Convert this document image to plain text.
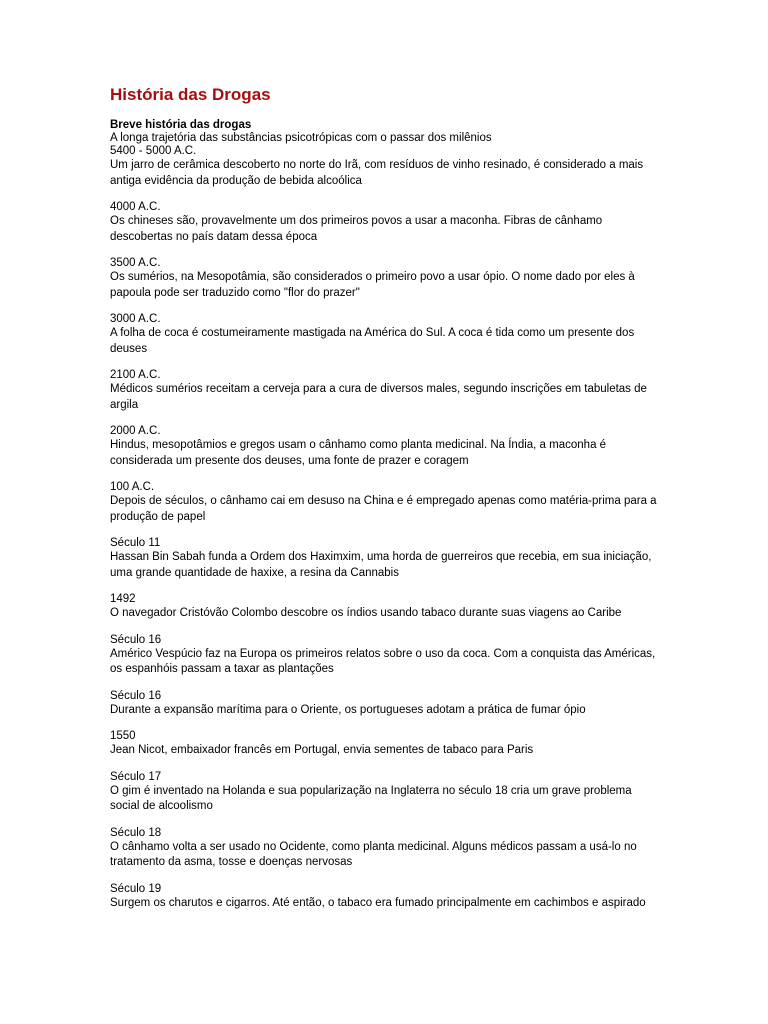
História das Drogas

Breve história das drogas

A longa trajetória das substâncias psicotrópicas com o passar dos milênios

5400 - 5000 A.C.
Um jarro de cerâmica descoberto no norte do Irã, com resíduos de vinho resinado, é considerado a mais antiga evidência da produção de bebida alcoólica
4000 A.C.
Os chineses são, provavelmente um dos primeiros povos a usar a maconha. Fibras de cânhamo descobertas no país datam dessa época
3500 A.C.
Os sumérios, na Mesopotâmia, são considerados o primeiro povo a usar ópio. O nome dado por eles à papoula pode ser traduzido como "flor do prazer"
3000 A.C.
A folha de coca é costumeiramente mastigada na América do Sul. A coca é tida como um presente dos deuses
2100 A.C.
Médicos sumérios receitam a cerveja para a cura de diversos males, segundo inscrições em tabuletas de argila
2000 A.C.
Hindus, mesopotâmios e gregos usam o cânhamo como planta medicinal. Na Índia, a maconha é considerada um presente dos deuses, uma fonte de prazer e coragem
100 A.C.
Depois de séculos, o cânhamo cai em desuso na China e é empregado apenas como matéria-prima para a produção de papel
Século 11
Hassan Bin Sabah funda a Ordem dos Haximxim, uma horda de guerreiros que recebia, em sua iniciação, uma grande quantidade de haxixe, a resina da Cannabis
1492
O navegador Cristóvão Colombo descobre os índios usando tabaco durante suas viagens ao Caribe
Século 16
Américo Vespúcio faz na Europa os primeiros relatos sobre o uso da coca. Com a conquista das Américas, os espanhóis passam a taxar as plantações
Século 16
Durante a expansão marítima para o Oriente, os portugueses adotam a prática de fumar ópio
1550
Jean Nicot, embaixador francês em Portugal, envia sementes de tabaco para Paris
Século 17
O gim é inventado na Holanda e sua popularização na Inglaterra no século 18 cria um grave problema social de alcoolismo
Século 18
O cânhamo volta a ser usado no Ocidente, como planta medicinal. Alguns médicos passam a usá-lo no tratamento da asma, tosse e doenças nervosas
Século 19
Surgem os charutos e cigarros. Até então, o tabaco era fumado principalmente em cachimbos e aspirado
